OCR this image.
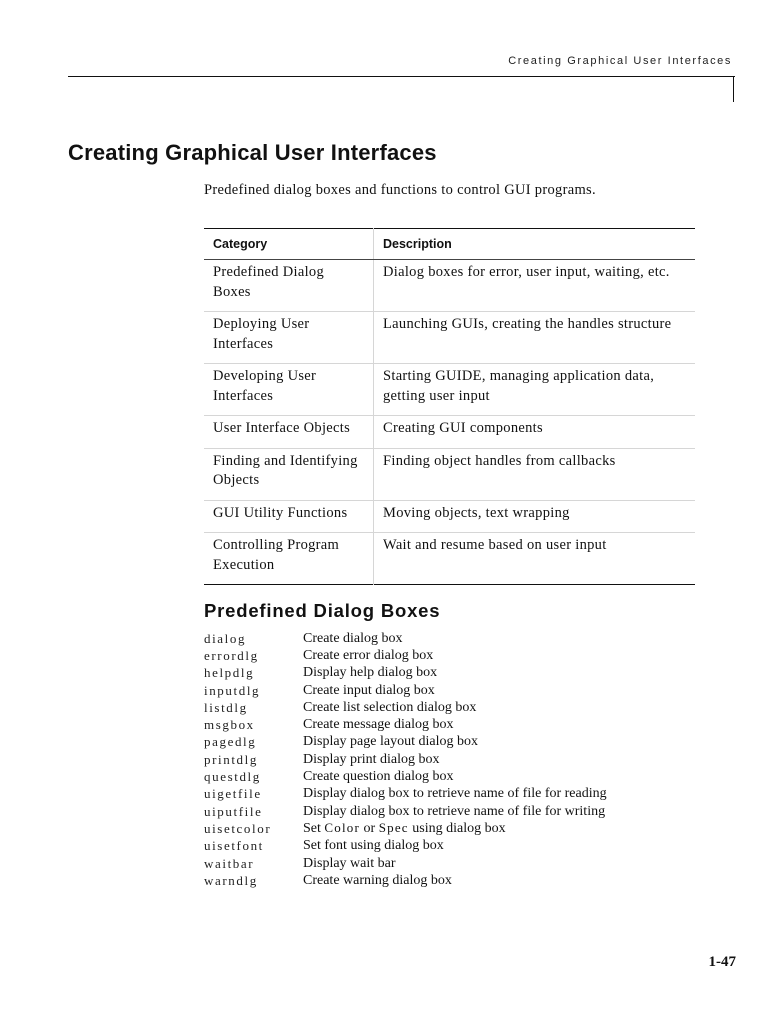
Creating Graphical User Interfaces
Creating Graphical User Interfaces
Predefined dialog boxes and functions to control GUI programs.
Category	Description
Predefined Dialog Boxes	Dialog boxes for error, user input, waiting, etc.
Deploying User Interfaces	Launching GUIs, creating the handles structure
Developing User Interfaces	Starting GUIDE, managing application data, getting user input
User Interface Objects	Creating GUI components
Finding and Identifying Objects	Finding object handles from callbacks
GUI Utility Functions	Moving objects, text wrapping
Controlling Program Execution	Wait and resume based on user input
Predefined Dialog Boxes
dialog	Create dialog box
errordlg	Create error dialog box
helpdlg	Display help dialog box
inputdlg	Create input dialog box
listdlg	Create list selection dialog box
msgbox	Create message dialog box
pagedlg	Display page layout dialog box
printdlg	Display print dialog box
questdlg	Create question dialog box
uigetfile	Display dialog box to retrieve name of file for reading
uiputfile	Display dialog box to retrieve name of file for writing
uisetcolor	Set Color or Spec using dialog box
uisetfont	Set font using dialog box
waitbar	Display wait bar
warndlg	Create warning dialog box
1-47
